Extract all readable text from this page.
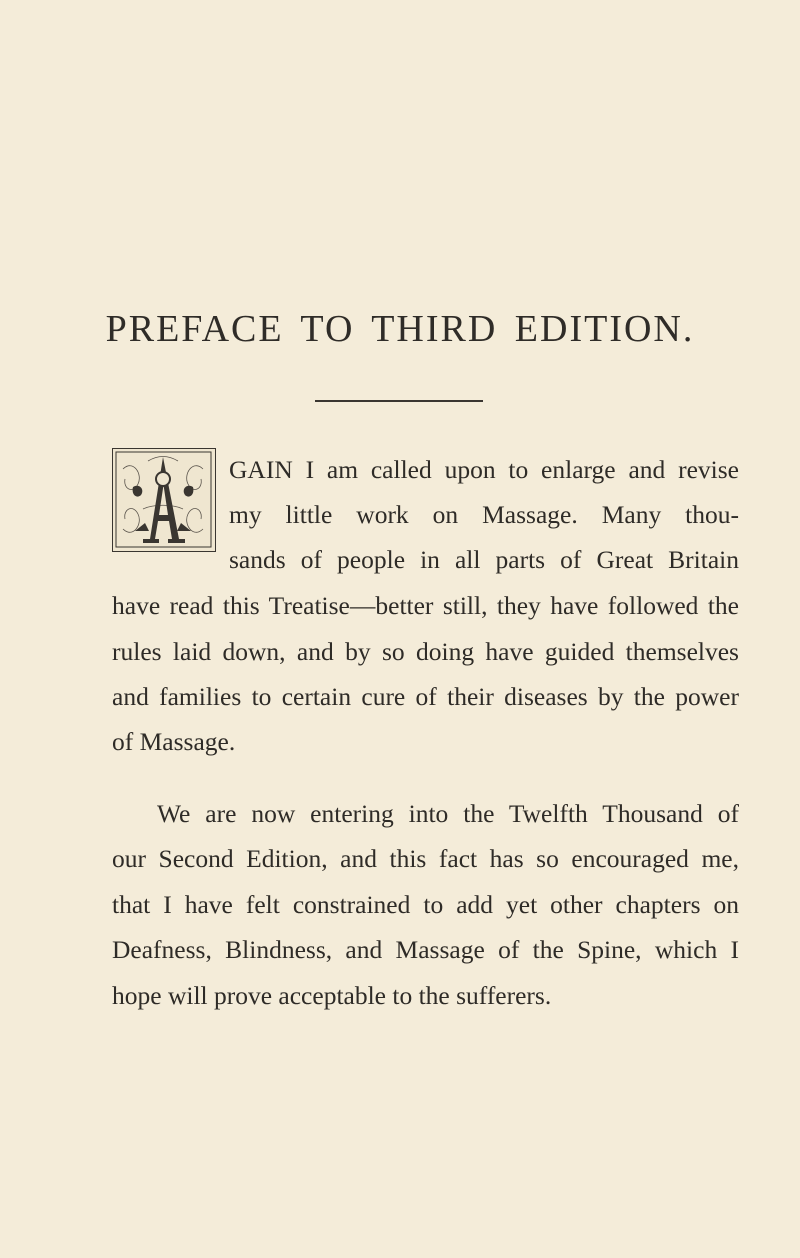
PREFACE TO THIRD EDITION.
GAIN I am called upon to enlarge and revise
my little work on Massage. Many thou-
sands of people in all parts of Great Britain
have read this Treatise—better still, they have followed the
rules laid down, and by so doing have guided themselves
and families to certain cure of their diseases by the power
of Massage.
We are now entering into the Twelfth Thousand of
our Second Edition, and this fact has so encouraged me,
that I have felt constrained to add yet other chapters on
Deafness, Blindness, and Massage of the Spine, which I
hope will prove acceptable to the sufferers.
